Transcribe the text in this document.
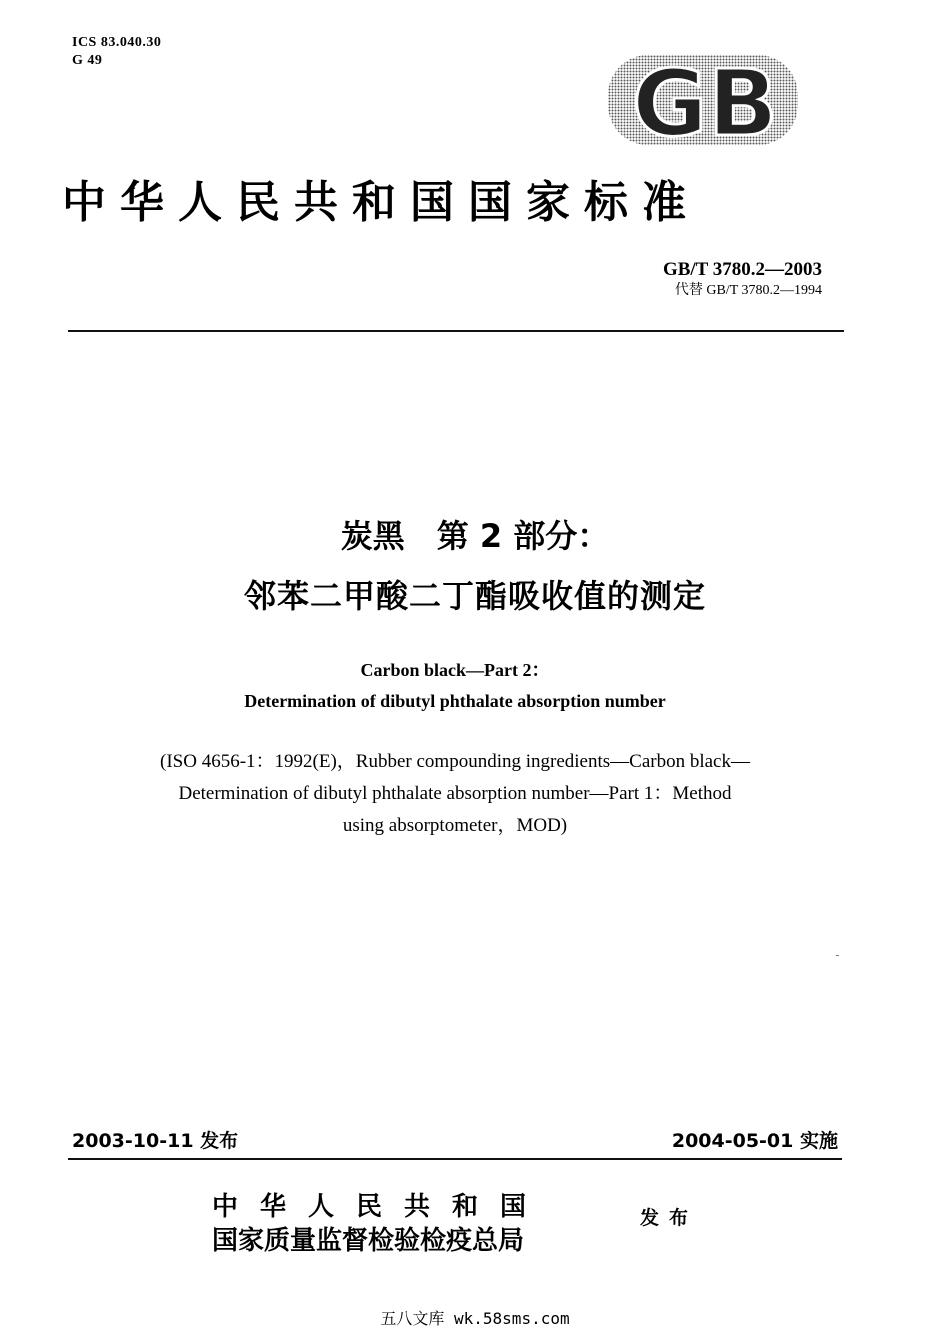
ICS 83.040.30
G 49	GB
中华人民共和国国家标准
GB/T 3780.2—2003
代替 GB/T 3780.2—1994
炭黑　第 2 部分：
邻苯二甲酸二丁酯吸收值的测定
Carbon black—Part 2：
Determination of dibutyl phthalate absorption number
(ISO 4656-1：1992(E)，Rubber compounding ingredients—Carbon black—
Determination of dibutyl phthalate absorption number—Part 1：Method
using absorptometer，MOD)
2003-10-11 发布	2004-05-01 实施
中华人民共和国
国家质量监督检验检疫总局
发布
五八文库 wk.58sms.com
